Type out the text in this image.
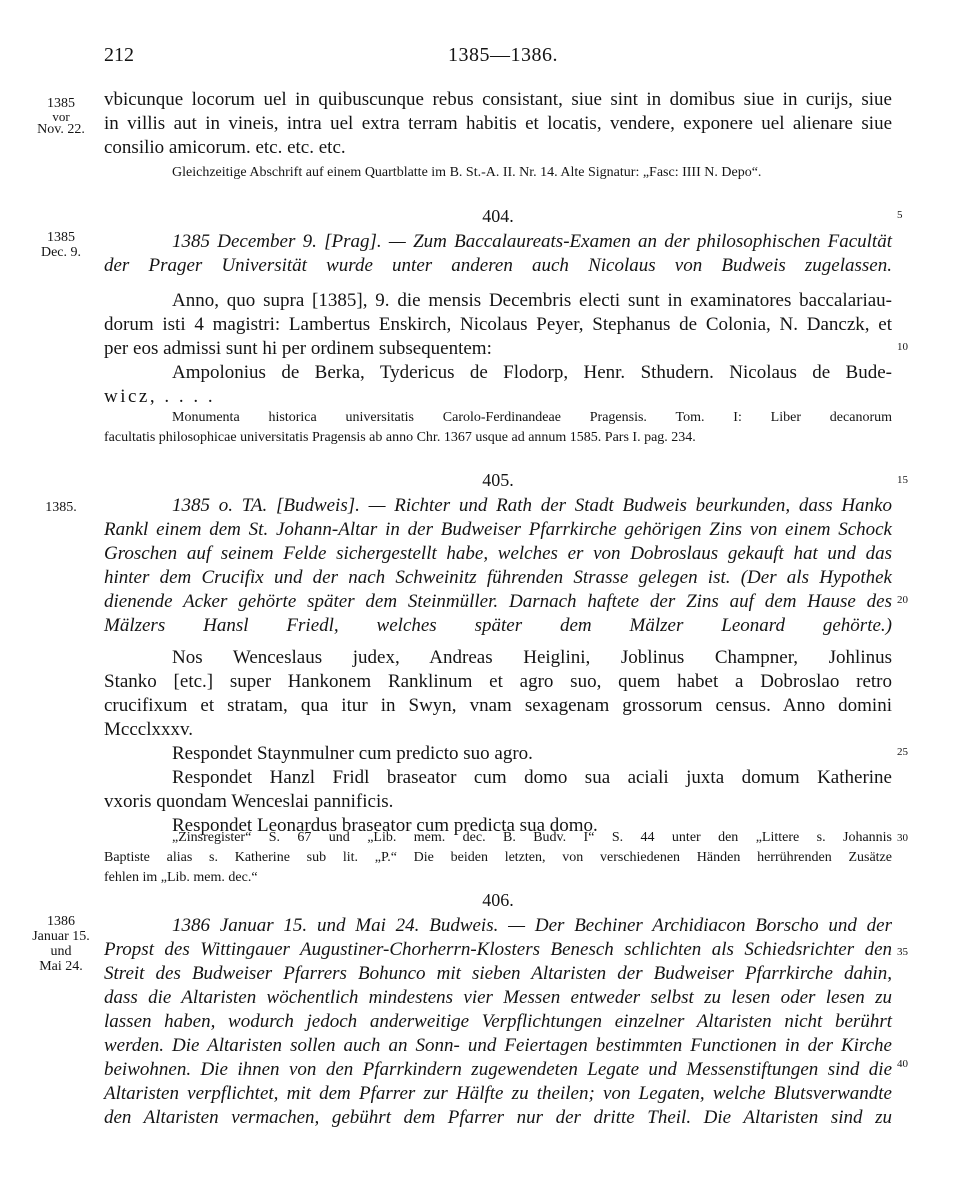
212	1385—1386.
1385
vor
Nov. 22.
vbicunque locorum uel in quibuscunque rebus consistant, siue sint in domibus siue in curijs, siue
in villis aut in vineis, intra uel extra terram habitis et locatis, vendere, exponere uel alienare siue
consilio amicorum. etc. etc. etc.
Gleichzeitige Abschrift auf einem Quartblatte im B. St.-A. II. Nr. 14. Alte Signatur: „Fasc: IIII N. Depo“.
404.
1385
Dec. 9.
1385 December 9. [Prag]. — Zum Baccalaureats-Examen an der philosophischen Facultät
der Prager Universität wurde unter anderen auch Nicolaus von Budweis zugelassen.
Anno, quo supra [1385], 9. die mensis Decembris electi sunt in examinatores baccalariau-
dorum isti 4 magistri: Lambertus Enskirch, Nicolaus Peyer, Stephanus de Colonia, N. Danczk, et
per eos admissi sunt hi per ordinem subsequentem:
Ampolonius de Berka, Tydericus de Flodorp, Henr. Sthudern. Nicolaus de Bude-
wicz, . . . .
Monumenta historica universitatis Carolo-Ferdinandeae Pragensis. Tom. I: Liber decanorum
facultatis philosophicae universitatis Pragensis ab anno Chr. 1367 usque ad annum 1585. Pars I. pag. 234.
405.
1385.	1385 o. TA. [Budweis]. — Richter und Rath der Stadt Budweis beurkunden, dass Hanko
Rankl einem dem St. Johann-Altar in der Budweiser Pfarrkirche gehörigen Zins von einem Schock
Groschen auf seinem Felde sichergestellt habe, welches er von Dobroslaus gekauft hat und das
hinter dem Crucifix und der nach Schweinitz führenden Strasse gelegen ist. (Der als Hypothek
dienende Acker gehörte später dem Steinmüller. Darnach haftete der Zins auf dem Hause des
Mälzers Hansl Friedl, welches später dem Mälzer Leonard gehörte.)
Nos Wenceslaus judex, Andreas Heiglini, Joblinus Champner, Johlinus
Stanko [etc.] super Hankonem Ranklinum et agro suo, quem habet a Dobroslao retro
crucifixum et stratam, qua itur in Swyn, vnam sexagenam grossorum census. Anno domini
Mccclxxxv.
Respondet Staynmulner cum predicto suo agro.
Respondet Hanzl Fridl braseator cum domo sua aciali juxta domum Katherine
vxoris quondam Wenceslai pannificis.
Respondet Leonardus braseator cum predicta sua domo.
„Zinsregister“ S. 67 und „Lib. mem. dec. B. Budv. I“ S. 44 unter den „Littere s. Johannis
Baptiste alias s. Katherine sub lit. „P.“ Die beiden letzten, von verschiedenen Händen herrührenden Zusätze
fehlen im „Lib. mem. dec.“
406.
1386
Januar 15.
und
Mai 24.
1386 Januar 15. und Mai 24. Budweis. — Der Bechiner Archidiacon Borscho und der
Propst des Wittingauer Augustiner-Chorherrn-Klosters Benesch schlichten als Schiedsrichter den
Streit des Budweiser Pfarrers Bohunco mit sieben Altaristen der Budweiser Pfarrkirche dahin,
dass die Altaristen wöchentlich mindestens vier Messen entweder selbst zu lesen oder lesen zu
lassen haben, wodurch jedoch anderweitige Verpflichtungen einzelner Altaristen nicht berührt
werden. Die Altaristen sollen auch an Sonn- und Feiertagen bestimmten Functionen in der Kirche
beiwohnen. Die ihnen von den Pfarrkindern zugewendeten Legate und Messenstiftungen sind die
Altaristen verpflichtet, mit dem Pfarrer zur Hälfte zu theilen; von Legaten, welche Blutsverwandte
den Altaristen vermachen, gebührt dem Pfarrer nur der dritte Theil. Die Altaristen sind zu
5
10
15
20
25
30
35
40
